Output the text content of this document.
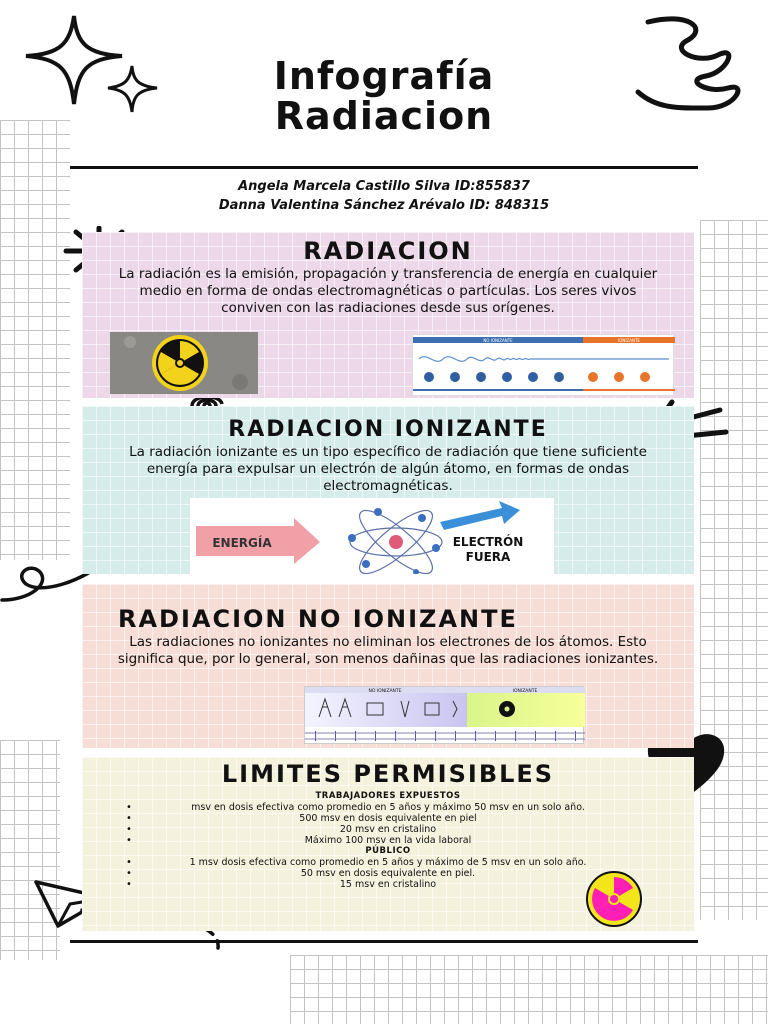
Infografía
Radiacion
Angela Marcela Castillo Silva ID:855837
Danna Valentina Sánchez Arévalo ID: 848315
RADIACION
La radiación es la emisión, propagación y transferencia de energía en cualquier medio en forma de ondas electromagnéticas o partículas. Los seres vivos conviven con las radiaciones desde sus orígenes.
NO IONIZANTE	IONIZANTE
RADIACION IONIZANTE
La radiación ionizante es un tipo específico de radiación que tiene suficiente energía para expulsar un electrón de algún átomo, en formas de ondas electromagnéticas.
ENERGÍA	ELECTRÓN
FUERA
RADIACION NO IONIZANTE
Las radiaciones no ionizantes no eliminan los electrones de los átomos. Esto significa que, por lo general, son menos dañinas que las radiaciones ionizantes.
NO IONIZANTE	IONIZANTE
LIMITES PERMISIBLES
TRABAJADORES EXPUESTOS
• msv en dosis efectiva como promedio en 5 años y máximo 50 msv en un solo año.
• 500 msv en dosis equivalente en piel
• 20 msv en cristalino
• Máximo 100 msv en la vida laboral
PÚBLICO
• 1 msv dosis efectiva como promedio en 5 años y máximo de 5 msv en un solo año.
• 50 msv en dosis equivalente en piel.
• 15 msv en cristalino
